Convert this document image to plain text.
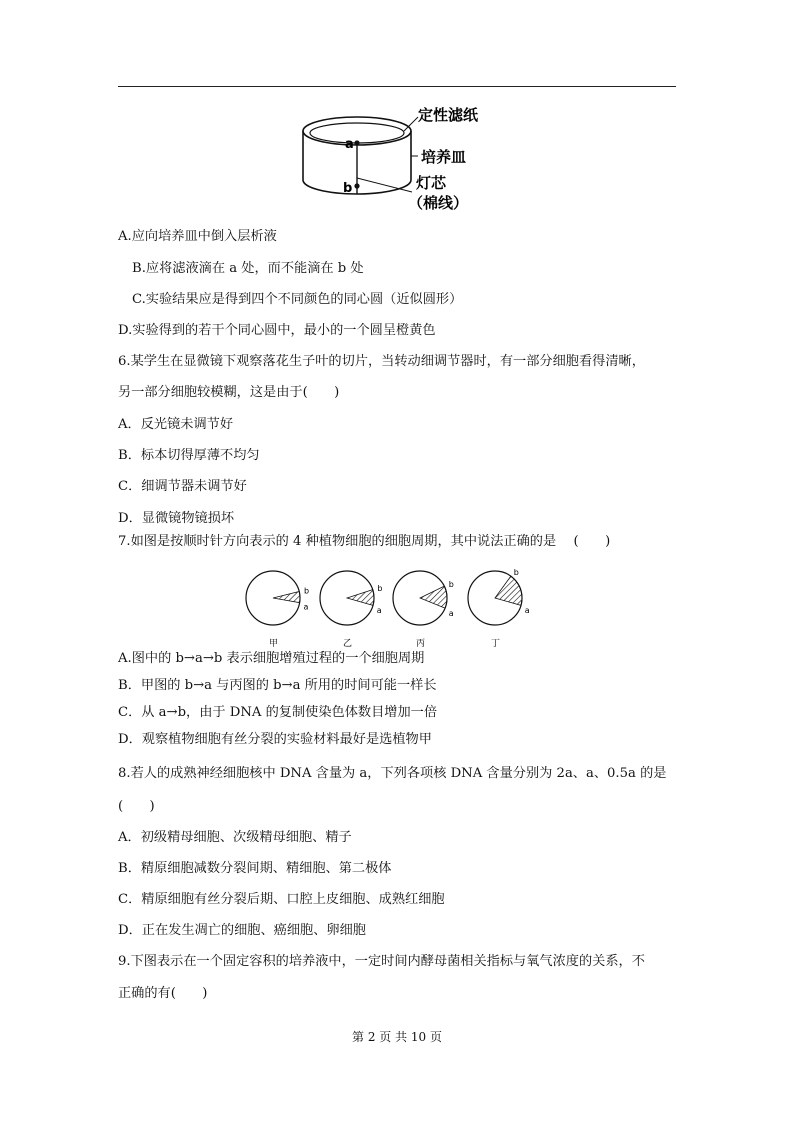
a
b
定性滤纸
培养皿
灯芯
（棉线）
A.应向培养皿中倒入层析液
B.应将滤液滴在 a 处，而不能滴在 b 处
C.实验结果应是得到四个不同颜色的同心圆（近似圆形）
D.实验得到的若干个同心圆中，最小的一个圆呈橙黄色
6.某学生在显微镜下观察落花生子叶的切片，当转动细调节器时，有一部分细胞看得清晰，
另一部分细胞较模糊，这是由于(　　)
A．反光镜未调节好
B．标本切得厚薄不均匀
C．细调节器未调节好
D．显微镜物镜损坏
7.如图是按顺时针方向表示的 4 种植物细胞的细胞周期，其中说法正确的是　 (　　)
b
a
甲
b
a
乙
b
a
丙
b
a
丁
A.图中的 b→a→b 表示细胞增殖过程的一个细胞周期
B．甲图的 b→a 与丙图的 b→a 所用的时间可能一样长
C．从 a→b，由于 DNA 的复制使染色体数目增加一倍
D．观察植物细胞有丝分裂的实验材料最好是选植物甲
8.若人的成熟神经细胞核中 DNA 含量为 a，下列各项核 DNA 含量分别为 2a、a、0.5a 的是
(　　)
A．初级精母细胞、次级精母细胞、精子
B．精原细胞减数分裂间期、精细胞、第二极体
C．精原细胞有丝分裂后期、口腔上皮细胞、成熟红细胞
D．正在发生凋亡的细胞、癌细胞、卵细胞
9.下图表示在一个固定容积的培养液中，一定时间内酵母菌相关指标与氧气浓度的关系，不
正确的有(　　)
第 2 页 共 10 页
